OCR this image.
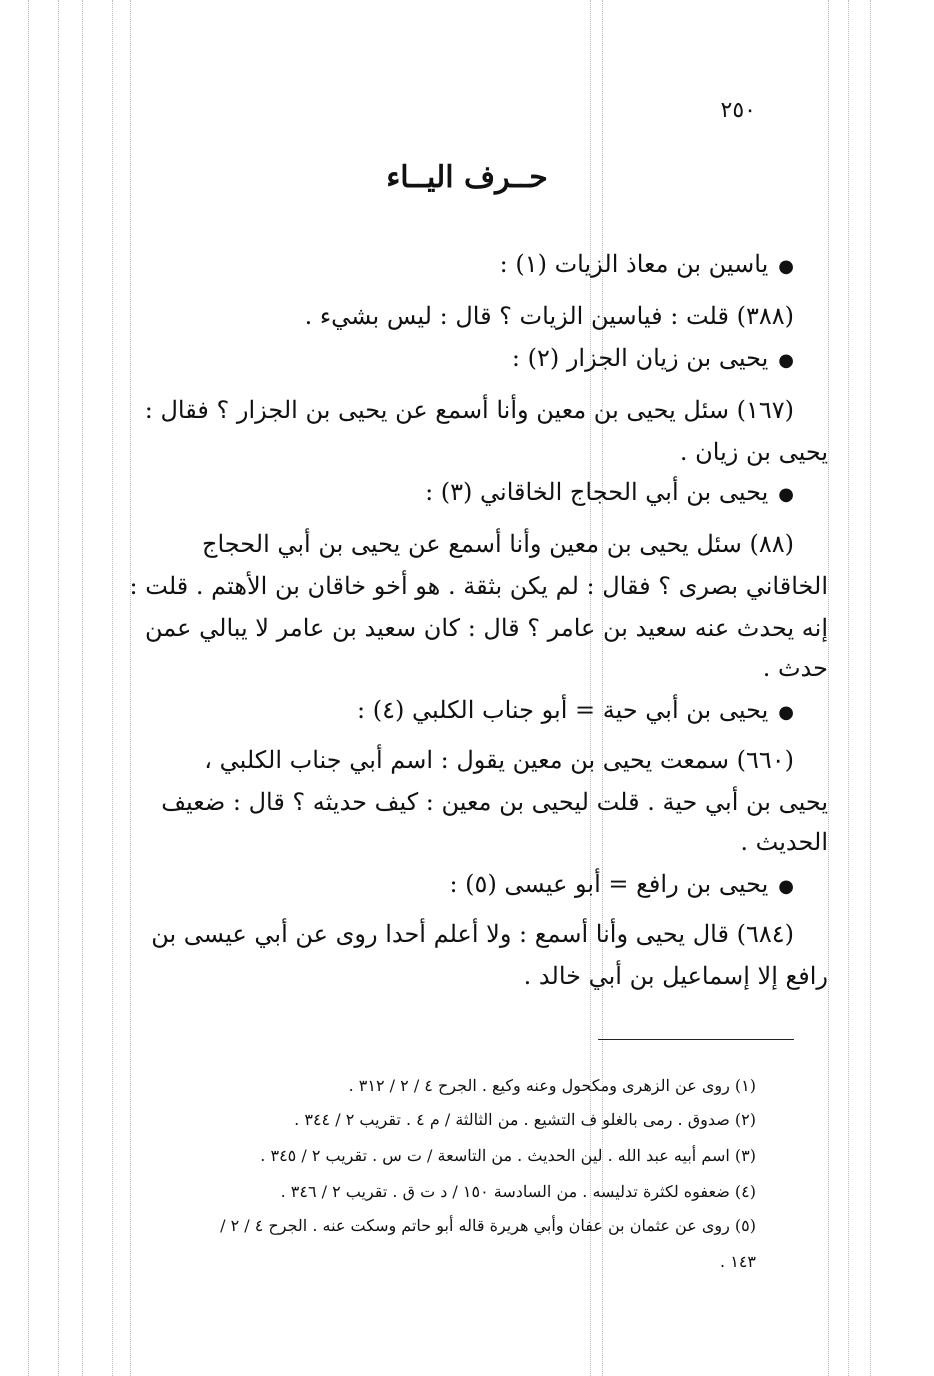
٢٥٠
حــرف اليــاء
●ياسين بن معاذ الزيات (١) :
(٣٨٨) قلت : فياسين الزيات ؟ قال : ليس بشيء .
●يحيى بن زيان الجزار (٢) :
(١٦٧) سئل يحيى بن معين وأنا أسمع عن يحيى بن الجزار ؟ فقال :
يحيى بن زيان .
●يحيى بن أبي الحجاج الخاقاني (٣) :
(٨٨) سئل يحيى بن معين وأنا أسمع عن يحيى بن أبي الحجاج
الخاقاني بصرى ؟ فقال : لم يكن بثقة . هو أخو خاقان بن الأهتم . قلت :
إنه يحدث عنه سعيد بن عامر ؟ قال : كان سعيد بن عامر لا يبالي عمن
حدث .
●يحيى بن أبي حية = أبو جناب الكلبي (٤) :
(٦٦٠) سمعت يحيى بن معين يقول : اسم أبي جناب الكلبي ،
يحيى بن أبي حية . قلت ليحيى بن معين : كيف حديثه ؟ قال : ضعيف
الحديث .
●يحيى بن رافع = أبو عيسى (٥) :
(٦٨٤) قال يحيى وأنا أسمع : ولا أعلم أحدا روى عن أبي عيسى بن
رافع إلا إسماعيل بن أبي خالد .
(١) روى عن الزهرى ومكحول وعنه وكيع . الجرح ٤ / ٢ / ٣١٢ .
(٢) صدوق . رمى بالغلو ف التشيع . من الثالثة / م ٤ . تقريب ٢ / ٣٤٤ .
(٣) اسم أبيه عبد الله . لين الحديث . من التاسعة / ت س . تقريب ٢ / ٣٤٥ .
(٤) ضعفوه لكثرة تدليسه . من السادسة ١٥٠ / د ت ق . تقريب ٢ / ٣٤٦ .
(٥) روى عن عثمان بن عفان وأبي هريرة قاله أبو حاتم وسكت عنه . الجرح ٤ / ٢ /
١٤٣ .
